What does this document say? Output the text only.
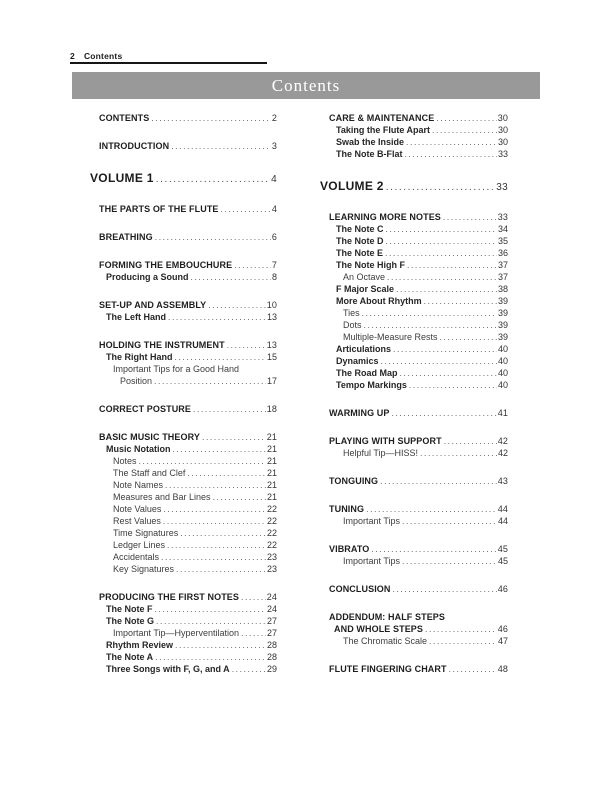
2 Contents
Contents
CONTENTS .....	2
INTRODUCTION .....	3
VOLUME 1 .....	4
THE PARTS OF THE FLUTE .....	4
BREATHING .....	6
FORMING THE EMBOUCHURE .....	7
Producing a Sound .....	8
SET-UP AND ASSEMBLY .....	10
The Left Hand .....	13
HOLDING THE INSTRUMENT .....	13
The Right Hand .....	15
Important Tips for a Good Hand
Position .....	17
CORRECT POSTURE .....	18
BASIC MUSIC THEORY .....	21
Music Notation .....	21
Notes .....	21
The Staff and Clef .....	21
Note Names .....	21
Measures and Bar Lines .....	21
Note Values .....	22
Rest Values .....	22
Time Signatures .....	22
Ledger Lines .....	22
Accidentals .....	23
Key Signatures .....	23
PRODUCING THE FIRST NOTES .....	24
The Note F .....	24
The Note G .....	27
Important Tip—Hyperventilation .....	27
Rhythm Review .....	28
The Note A .....	28
Three Songs with F, G, and A .....	29
CARE & MAINTENANCE .....	30
Taking the Flute Apart .....	30
Swab the Inside .....	30
The Note B-Flat .....	33
VOLUME 2 .....	33
LEARNING MORE NOTES .....	33
The Note C .....	34
The Note D .....	35
The Note E .....	36
The Note High F .....	37
An Octave .....	37
F Major Scale .....	38
More About Rhythm .....	39
Ties .....	39
Dots .....	39
Multiple-Measure Rests .....	39
Articulations .....	40
Dynamics .....	40
The Road Map .....	40
Tempo Markings .....	40
WARMING UP .....	41
PLAYING WITH SUPPORT .....	42
Helpful Tip—HISS! .....	42
TONGUING .....	43
TUNING .....	44
Important Tips .....	44
VIBRATO .....	45
Important Tips .....	45
CONCLUSION .....	46
ADDENDUM: HALF STEPS
AND WHOLE STEPS .....	46
The Chromatic Scale .....	47
FLUTE FINGERING CHART .....	48
